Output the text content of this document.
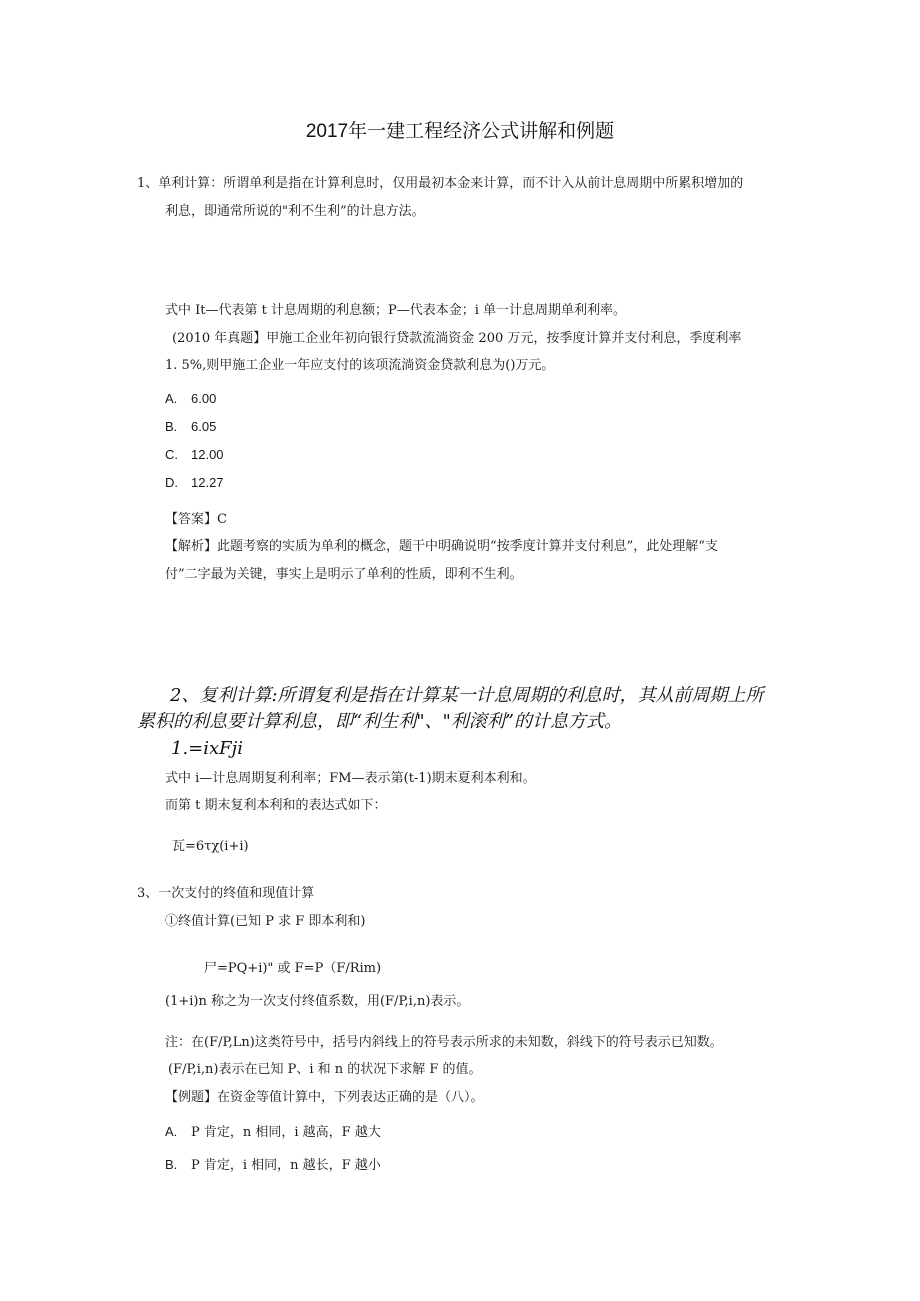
2017年一建工程经济公式讲解和例题
1、单利计算：所谓单利是指在计算利息时，仅用最初本金来计算，而不计入从前计息周期中所累积增加的
利息，即通常所说的"利不生利”的计息方法。
式中 It—代表第 t 计息周期的利息额；P—代表本金；i 单一计息周期单利利率。
(2010 年真题】甲施工企业年初向银行贷款流淌资金 200 万元，按季度计算并支付利息，季度利率
1. 5%,则甲施工企业一年应支付的该项流淌资金贷款利息为()万元。
A. 6.00
B. 6.05
C. 12.00
D. 12.27
【答案】C
【解析】此题考察的实质为单利的概念，题干中明确说明“按季度计算并支付利息”，此处理解“支
付”二字最为关键，事实上是明示了单利的性质，即利不生利。
2、复利计算:所谓复利是指在计算某一计息周期的利息时，其从前周期上所
累积的利息要计算利息，即“利生利"、"利滚利”的计息方式。
1.=ixFji
式中 i—计息周期复利利率；FM—表示第(t-1)期末夏利本利和。
而第 t 期末复利本利和的表达式如下：
瓦=6τχ(i+i)
3、一次支付的终值和现值计算
①终值计算(已知 P 求 F 即本利和)
尸=PQ+i)" 或 F=P（F/Rim)
(1+i)n 称之为一次支付终值系数，用(F/P,i,n)表示。
注：在(F/P,Ln)这类符号中，括号内斜线上的符号表示所求的未知数，斜线下的符号表示已知数。
(F/P,i,n)表示在已知 P、i 和 n 的状况下求解 F 的值。
【例题】在资金等值计算中，下列表达正确的是（八）。
A. P 肯定，n 相同，i 越高，F 越大
B. P 肯定，i 相同，n 越长，F 越小
